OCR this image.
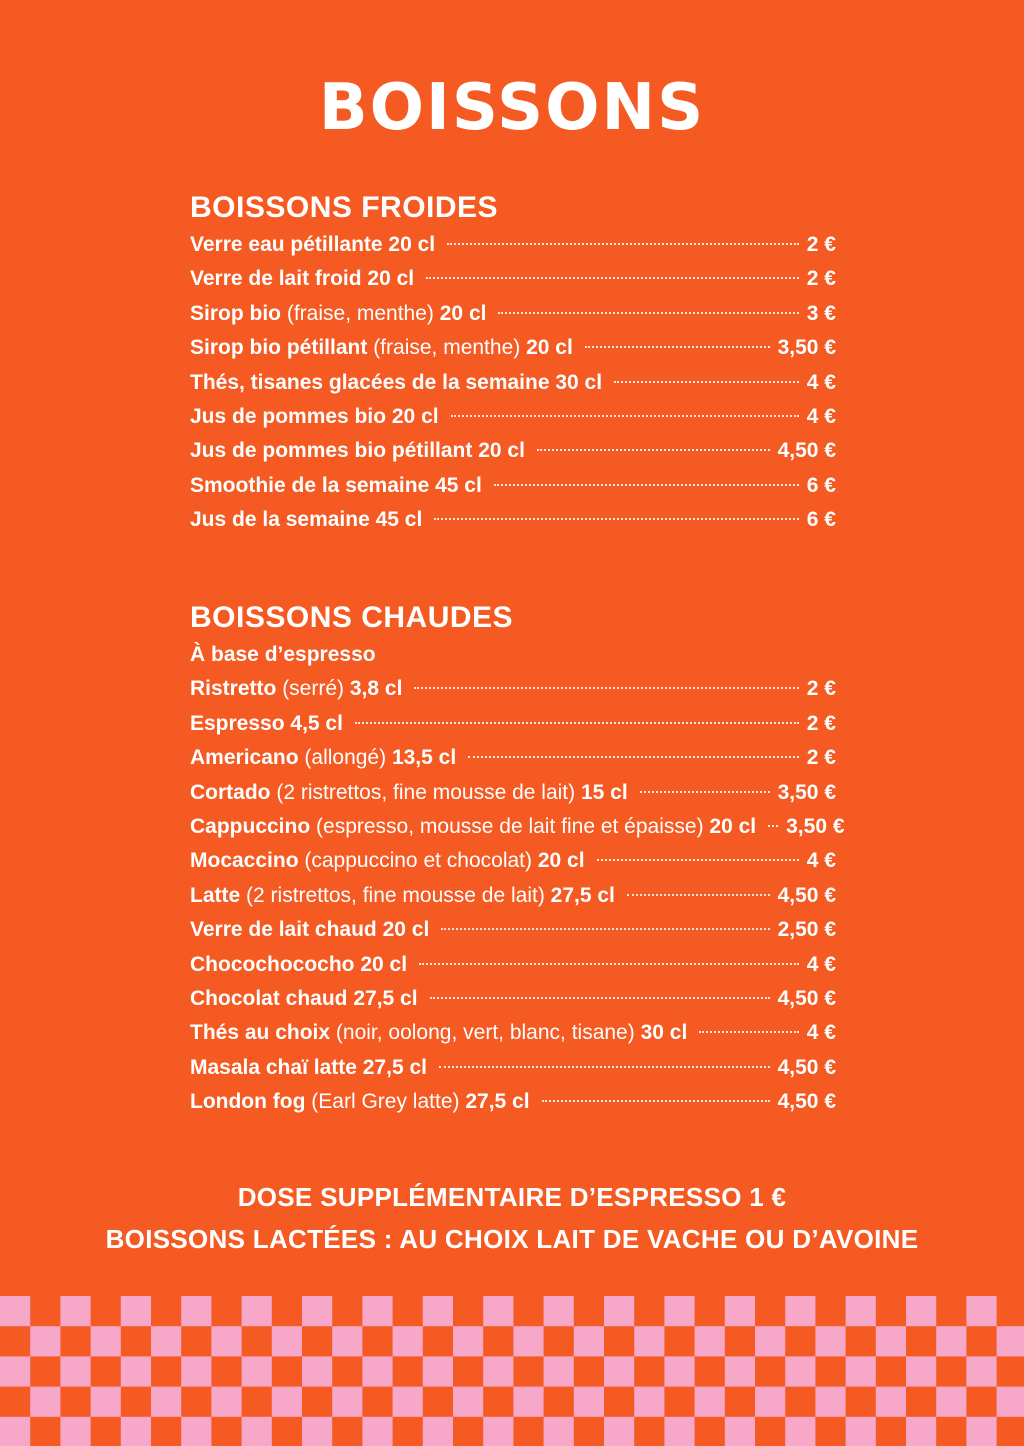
BOISSONS
BOISSONS FROIDES
Verre eau pétillante 20 cl	2 €
Verre de lait froid 20 cl	2 €
Sirop bio (fraise, menthe) 20 cl	3 €
Sirop bio pétillant (fraise, menthe) 20 cl	3,50 €
Thés, tisanes glacées de la semaine 30 cl	4 €
Jus de pommes bio 20 cl	4 €
Jus de pommes bio pétillant 20 cl	4,50 €
Smoothie de la semaine 45 cl	6 €
Jus de la semaine 45 cl	6 €
BOISSONS CHAUDES
À base d’espresso
Ristretto (serré) 3,8 cl	2 €
Espresso 4,5 cl	2 €
Americano (allongé) 13,5 cl	2 €
Cortado (2 ristrettos, fine mousse de lait) 15 cl	3,50 €
Cappuccino (espresso, mousse de lait fine et épaisse) 20 cl 3,50 €
Mocaccino (cappuccino et chocolat) 20 cl	4 €
Latte (2 ristrettos, fine mousse de lait) 27,5 cl	4,50 €
Verre de lait chaud 20 cl	2,50 €
Chocochococho 20 cl	4 €
Chocolat chaud 27,5 cl	4,50 €
Thés au choix (noir, oolong, vert, blanc, tisane) 30 cl	4 €
Masala chaï latte 27,5 cl	4,50 €
London fog (Earl Grey latte) 27,5 cl	4,50 €
DOSE SUPPLÉMENTAIRE D’ESPRESSO 1 €
BOISSONS LACTÉES : AU CHOIX LAIT DE VACHE OU D’AVOINE
